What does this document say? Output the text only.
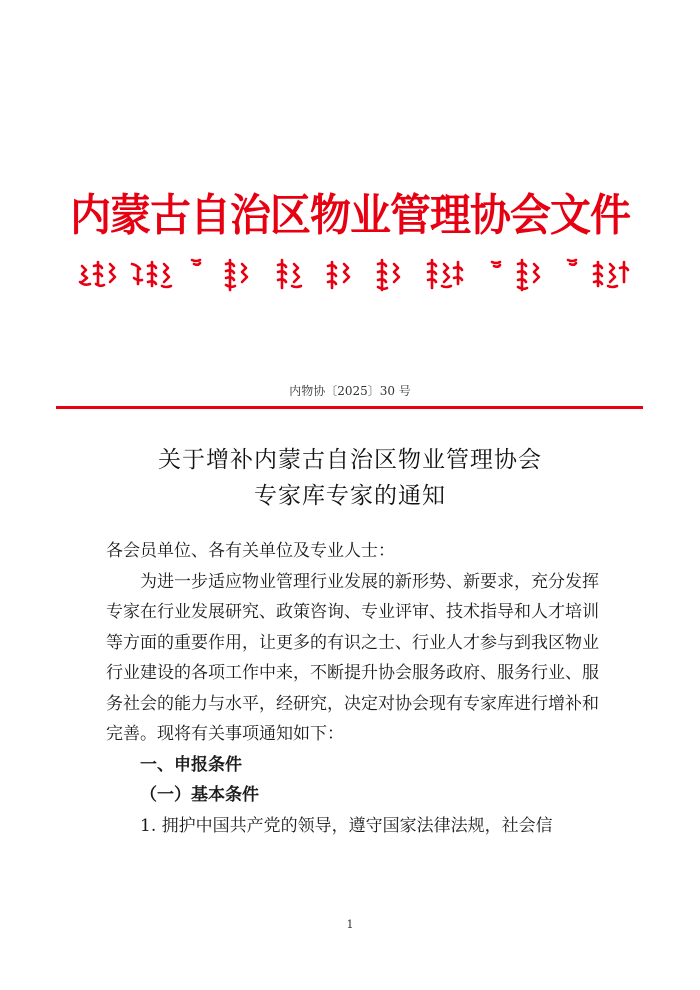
内蒙古自治区物业管理协会文件
内物协〔2025〕30 号
关于增补内蒙古自治区物业管理协会
专家库专家的通知

各会员单位、各有关单位及专业人士：

为进一步适应物业管理行业发展的新形势、新要求，充分发挥专家在行业发展研究、政策咨询、专业评审、技术指导和人才培训等方面的重要作用，让更多的有识之士、行业人才参与到我区物业行业建设的各项工作中来，不断提升协会服务政府、服务行业、服务社会的能力与水平，经研究，决定对协会现有专家库进行增补和完善。现将有关事项通知如下：

一、申报条件

（一）基本条件

1. 拥护中国共产党的领导，遵守国家法律法规，社会信

1
